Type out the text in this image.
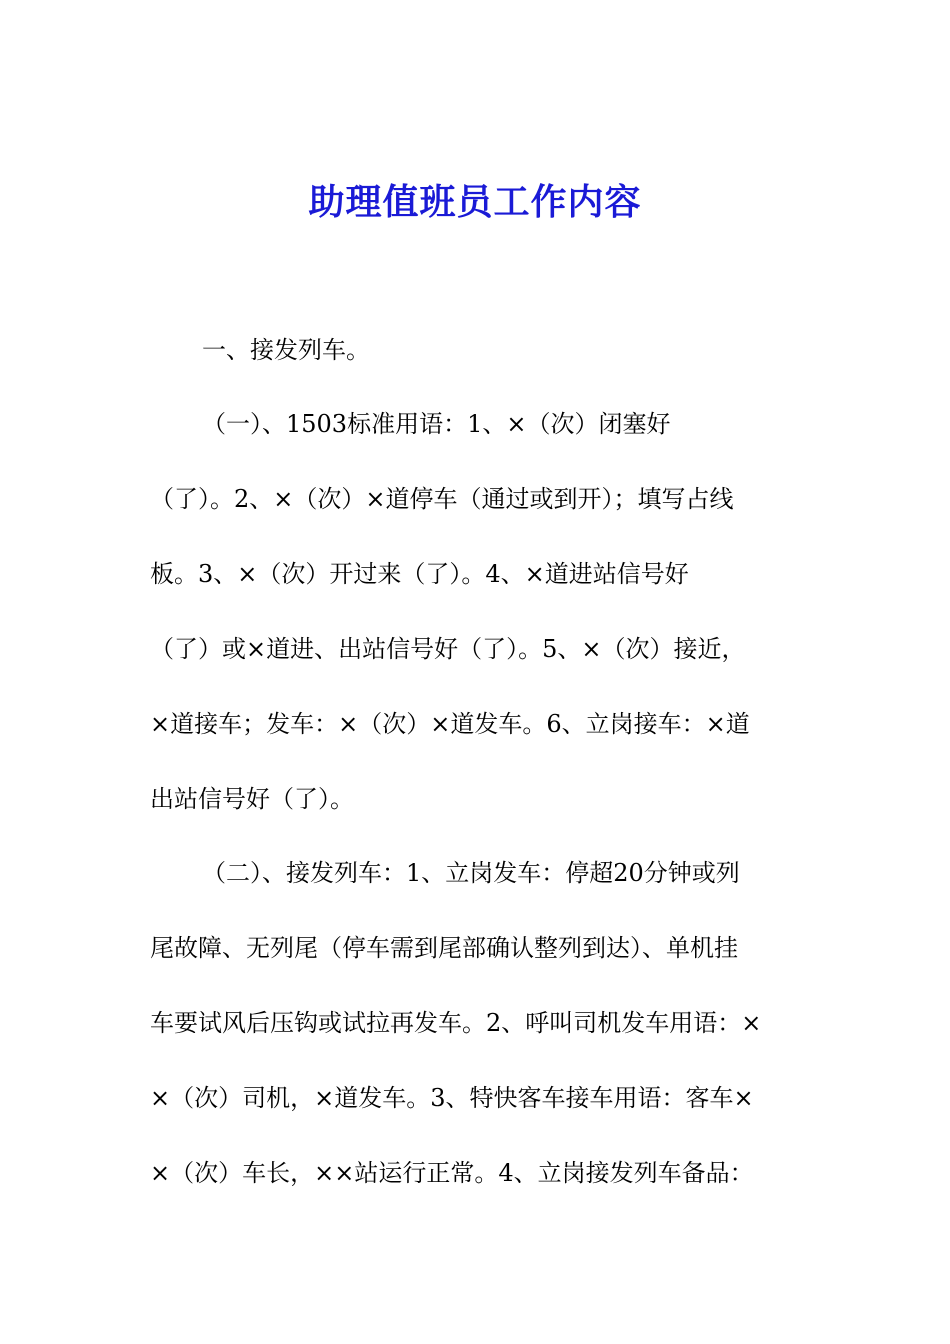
助理值班员工作内容
一、接发列车。
（一）、1503标准用语：1、×（次）闭塞好
（了）。2、×（次）×道停车（通过或到开）；填写占线
板。3、×（次）开过来（了）。4、×道进站信号好
（了）或×道进、出站信号好（了）。5、×（次）接近，
×道接车；发车：×（次）×道发车。6、立岗接车：×道
出站信号好（了）。
（二）、接发列车：1、立岗发车：停超20分钟或列
尾故障、无列尾（停车需到尾部确认整列到达）、单机挂
车要试风后压钩或试拉再发车。2、呼叫司机发车用语：×
×（次）司机，×道发车。3、特快客车接车用语：客车×
×（次）车长，××站运行正常。4、立岗接发列车备品：
